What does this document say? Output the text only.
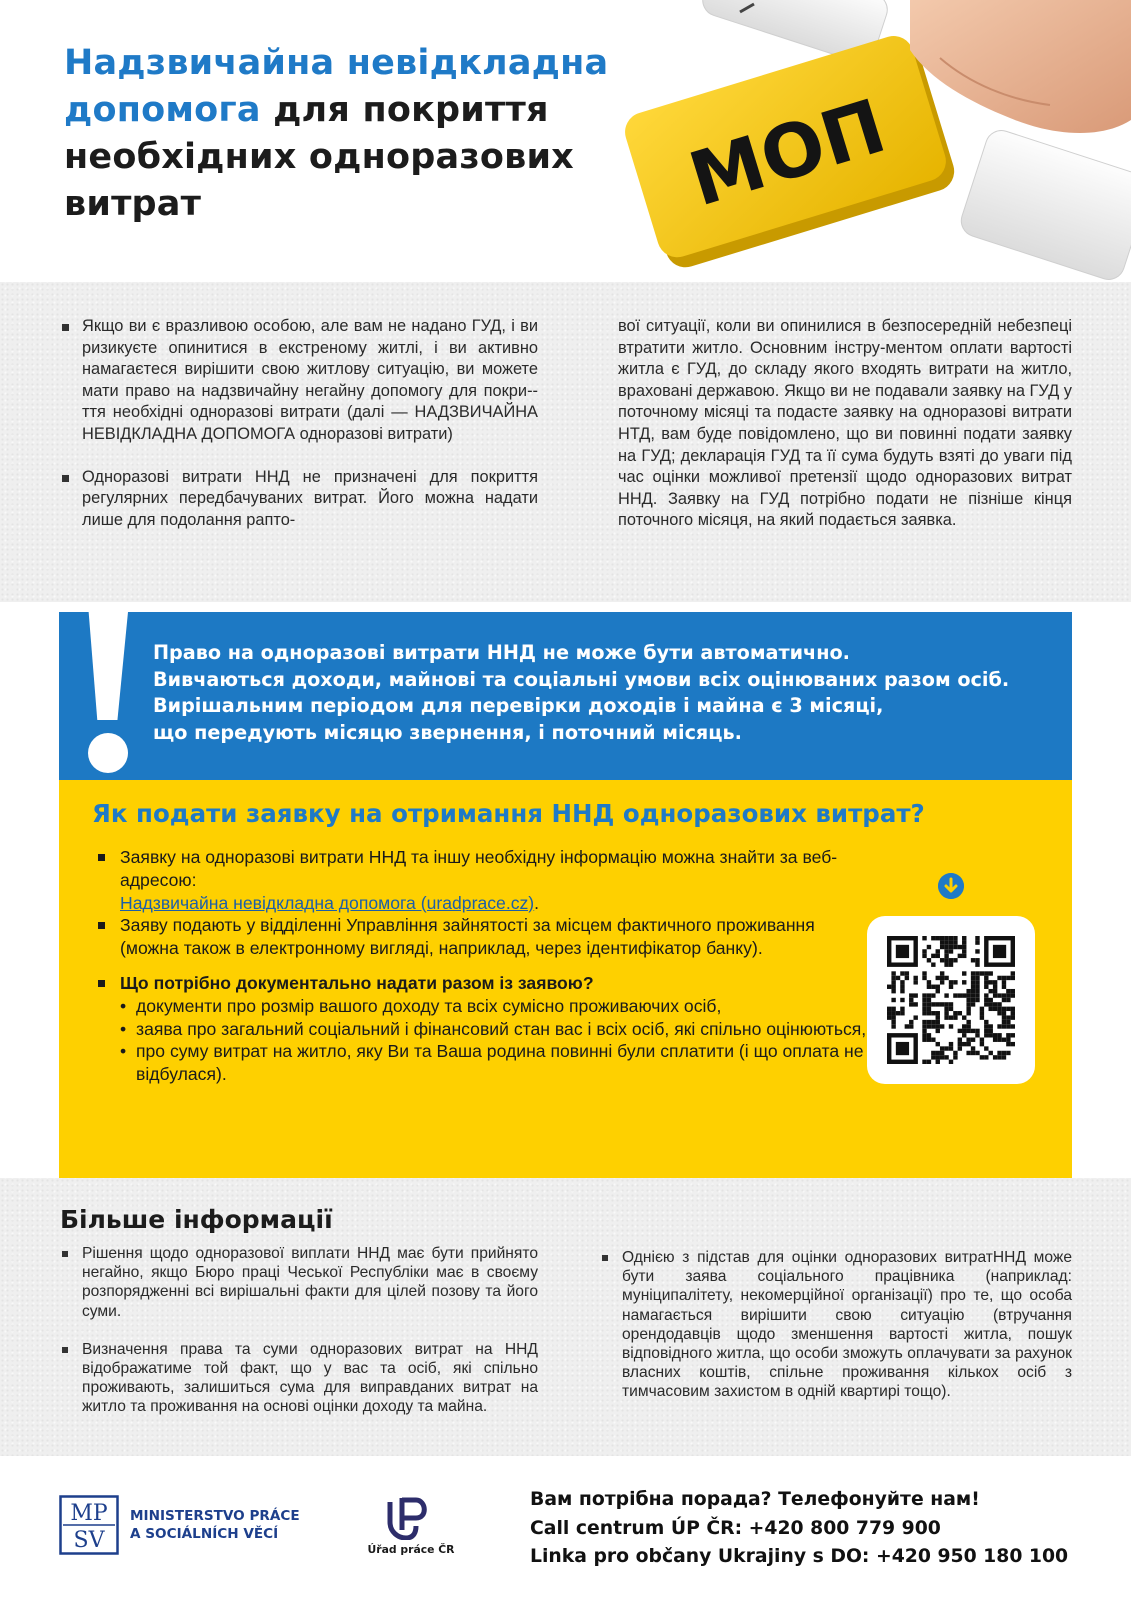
Надзвичайна невідкладна допомога для покриття необхідних одноразових витрат	МОП

Якщо ви є вразливою особою, але вам не надано ГУД, і ви ризикуєте опинитися в екстреному житлі, і ви активно намагаєтеся вирішити свою житлову ситуацію, ви можете мати право на надзвичайну негайну допомогу для покри--ття необхідні одноразові витрати (далі — НАДЗВИЧАЙНА НЕВІДКЛАДНА ДОПОМОГА одноразові витрати)

Одноразові витрати ННД не призначені для покриття регулярних передбачуваних витрат. Його можна надати лише для подолання рапто-

вої ситуації, коли ви опинилися в безпосередній небезпеці втратити житло. Основним інстру-ментом оплати вартості житла є ГУД, до складу якого входять витрати на житло, враховані державою. Якщо ви не подавали заявку на ГУД у поточному місяці та подасте заявку на одноразові витрати НТД, вам буде повідомлено, що ви повинні подати заявку на ГУД; декларація ГУД та її сума будуть взяті до уваги під час оцінки можливої претензії щодо одноразових витрат ННД. Заявку на ГУД потрібно подати не пізніше кінця поточного місяця, на який подається заявка.

Право на одноразові витрати ННД не може бути автоматично.
Вивчаються доходи, майнові та соціальні умови всіх оцінюваних разом осіб.
Вирішальним періодом для перевірки доходів і майна є 3 місяці,
що передують місяцю звернення, і поточний місяць.
Як подати заявку на отримання ННД одноразових витрат?
Заявку на одноразові витрати ННД та іншу необхідну інформацію можна знайти за веб-адресою:
Надзвичайна невідкладна допомога (uradprace.cz).
Заяву подають у відділенні Управління зайнятості за місцем фактичного проживання (можна також в електронному вигляді, наприклад, через ідентифікатор банку).
Що потрібно документально надати разом із заявою?
• документи про розмір вашого доходу та всіх сумісно проживаючих осіб,
• заява про загальний соціальний і фінансовий стан вас і всіх осіб, які спільно оцінюються,
• про суму витрат на житло, яку Ви та Ваша родина повинні були сплатити (і що оплата не відбулася).

Рішення щодо одноразової виплати ННД має бути прийнято негайно, якщо Бюро праці Чеської Республіки має в своєму розпорядженні всі вирішальні факти для цілей позову та його суми.

Визначення права та суми одноразових витрат на ННД відображатиме той факт, що у вас та осіб, які спільно проживають, залишиться сума для виправданих витрат на житло та проживання на основі оцінки доходу та майна.

Однією з підстав для оцінки одноразових витратННД може бути заява соціального працівника (наприклад: муніципалітету, некомерційної організації) про те, що особа намагається вирішити свою ситуацію (втручання орендодавців щодо зменшення вартості житла, пошук відповідного житла, що особи зможуть оплачувати за рахунок власних коштів, спільне проживання кількох осіб з тимчасовим захистом в одній квартирі тощо).

Більше інформації
MP
SV
MINISTERSTVO PRÁCE
A SOCIÁLNÍCH VĚCÍ
Úřad práce ČR
Вам потрібна порада? Телефонуйте нам!
Call centrum ÚP ČR: +420 800 779 900
Linka pro občany Ukrajiny s DO: +420 950 180 100
